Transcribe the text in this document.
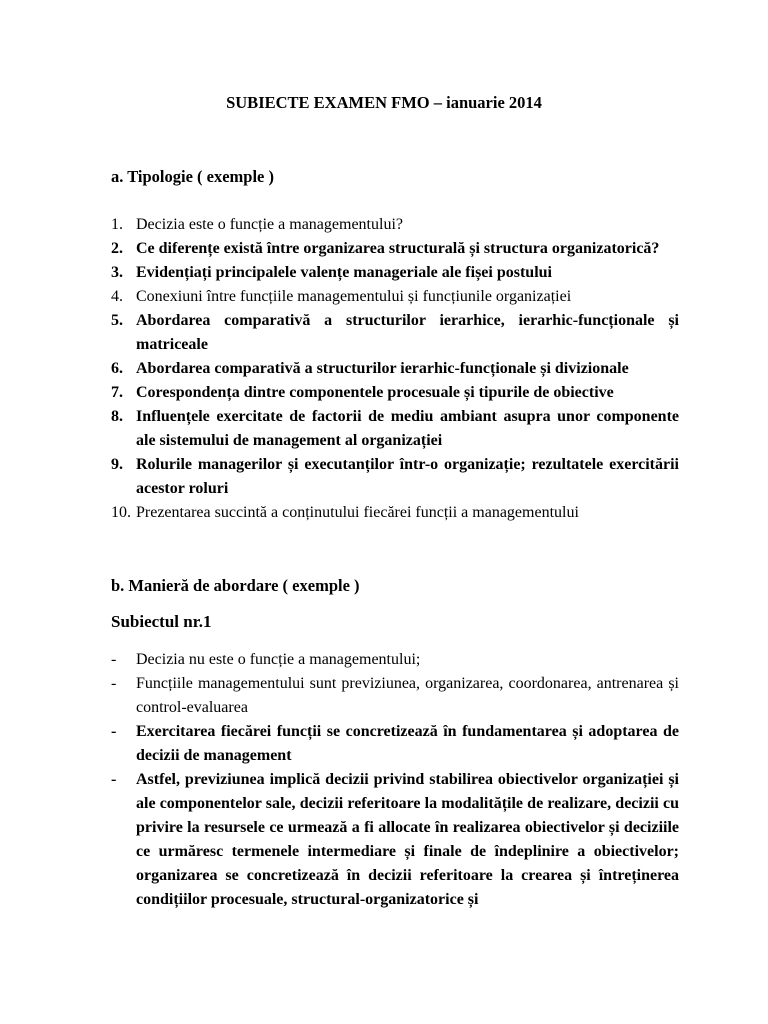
SUBIECTE EXAMEN FMO – ianuarie 2014
a. Tipologie ( exemple )
1. Decizia este o funcție a managementului?
2. Ce diferențe există între organizarea structurală și structura organizatorică?
3. Evidențiați principalele valențe manageriale ale fișei postului
4. Conexiuni între funcțiile managementului și funcțiunile organizației
5. Abordarea comparativă a structurilor ierarhice, ierarhic-funcționale și matriceale
6. Abordarea comparativă a structurilor ierarhic-funcționale și divizionale
7. Corespondența dintre componentele procesuale și tipurile de obiective
8. Influențele exercitate de factorii de mediu ambiant asupra unor componente ale sistemului de management al organizației
9. Rolurile managerilor și executanților într-o organizație; rezultatele exercitării acestor roluri
10. Prezentarea succintă a conținutului fiecărei funcții a managementului
b. Manieră de abordare ( exemple )
Subiectul nr.1
-	Decizia nu este o funcție a managementului;
-	Funcțiile managementului sunt previziunea, organizarea, coordonarea, antrenarea și control-evaluarea
-	Exercitarea fiecărei funcții se concretizează în fundamentarea și adoptarea de decizii de management
-	Astfel, previziunea implică decizii privind stabilirea obiectivelor organizației și ale componentelor sale, decizii referitoare la modalitățile de realizare, decizii cu privire la resursele ce urmează a fi allocate în realizarea obiectivelor și deciziile ce urmăresc termenele intermediare și finale de îndeplinire a obiectivelor; organizarea se concretizează în decizii referitoare la crearea și întreținerea condițiilor procesuale, structural-organizatorice și
